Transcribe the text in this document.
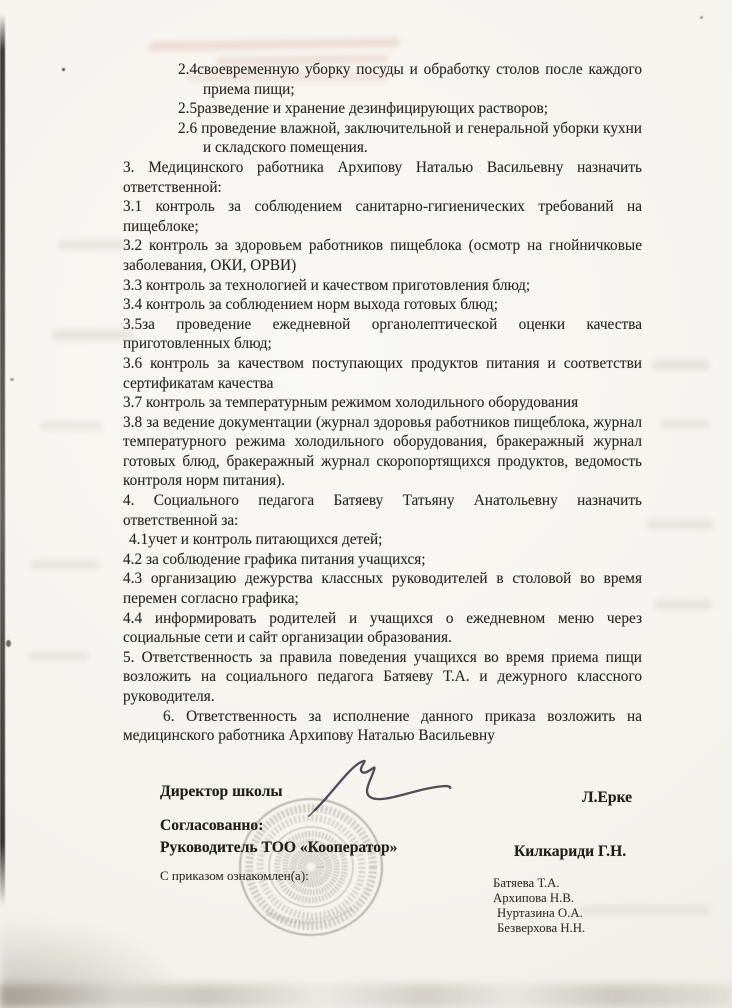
2.4своевременную уборку посуды и обработку столов после каждого приема пищи;

2.5разведение и хранение дезинфицирующих растворов;

2.6 проведение влажной, заключительной и генеральной уборки кухни и складского помещения.

3. Медицинского работника Архипову Наталью Васильевну назначить ответственной:

3.1 контроль за соблюдением санитарно-гигиенических требований на пищеблоке;

3.2 контроль за здоровьем работников пищеблока (осмотр на гнойничковые заболевания, ОКИ, ОРВИ)

3.3 контроль за технологией и качеством приготовления блюд;

3.4 контроль за соблюдением норм выхода готовых блюд;

3.5за проведение ежедневной органолептической оценки качества приготовленных блюд;

3.6 контроль за качеством поступающих продуктов питания и соответстви сертификатам качества

3.7 контроль за температурным режимом холодильного оборудования

3.8 за ведение документации (журнал здоровья работников пищеблока, журнал температурного режима холодильного оборудования, бракеражный журнал готовых блюд, бракеражный журнал скоропортящихся продуктов, ведомость контроля норм питания).

4. Социального педагога Батяеву Татьяну Анатольевну назначить ответственной за:

4.1учет и контроль питающихся детей;

4.2 за соблюдение графика питания учащихся;

4.3 организацию дежурства классных руководителей в столовой во время перемен согласно графика;

4.4 информировать родителей и учащихся о ежедневном меню через социальные сети и сайт организации образования.

5. Ответственность за правила поведения учащихся во время приема пищи возложить на социального педагога Батяеву Т.А. и дежурного классного руководителя.

6. Ответственность за исполнение данного приказа возложить на медицинского работника Архипову Наталью Васильевну

Директор школы	Л.Ерке
Согласованно:
Руководитель ТОО «Кооператор»	Килкариди Г.Н.
С приказом ознакомлен(а):	Батяева Т.А.
Архипова Н.В.
Нуртазина О.А.
Безверхова Н.Н.
